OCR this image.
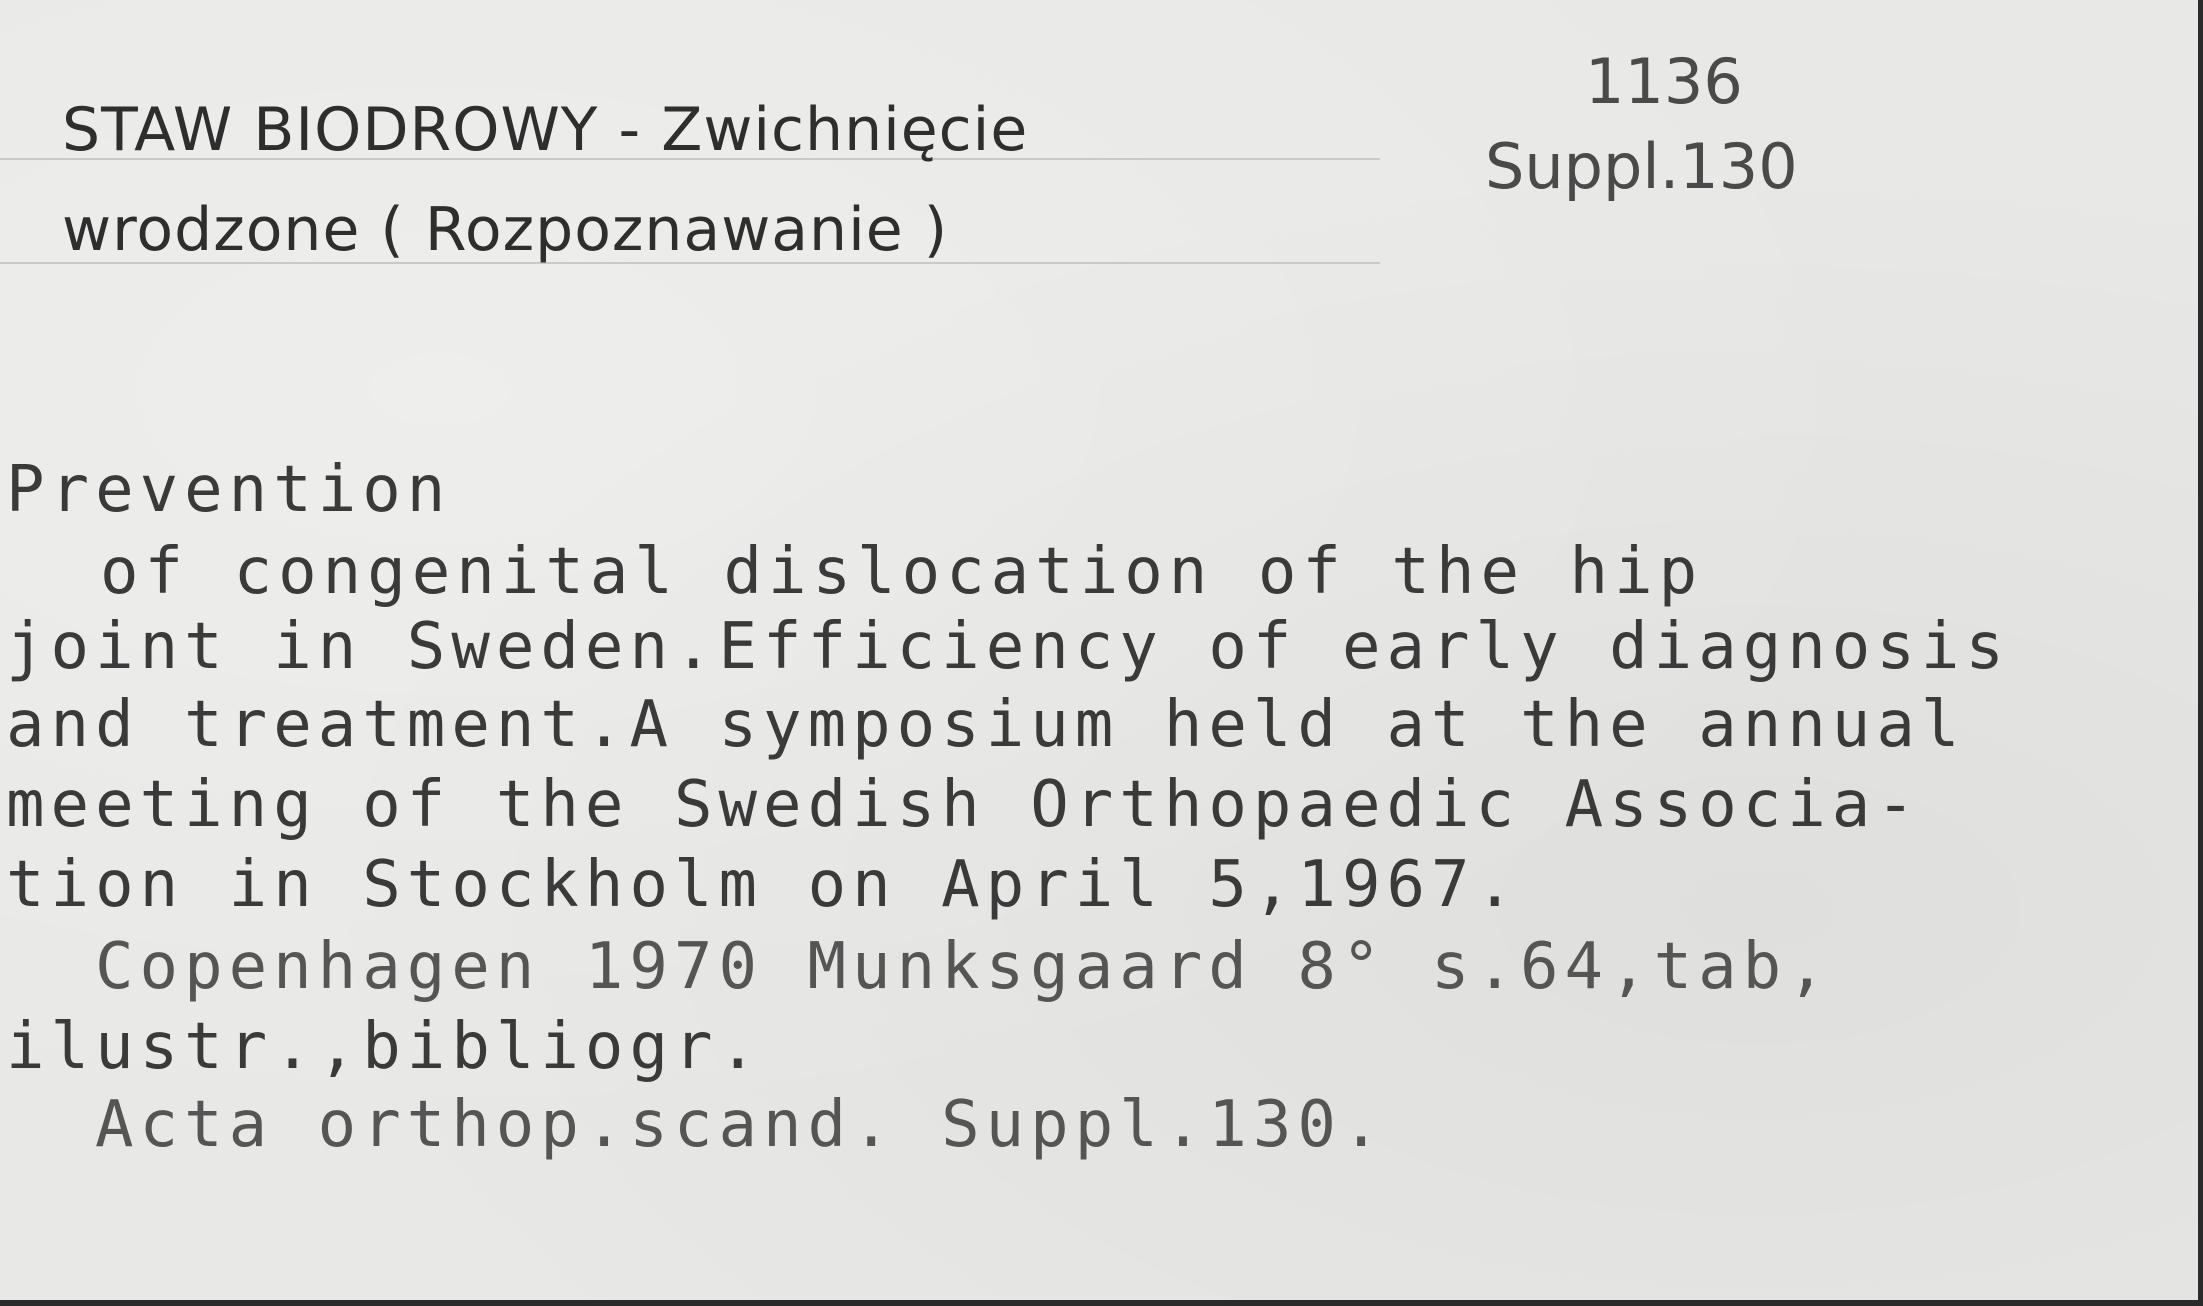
STAW BIODROWY - Zwichnięcie
wrodzone ( Rozpoznawanie )
1136
Suppl.130
Prevention
of congenital dislocation of the hip
joint in Sweden.Efficiency of early diagnosis
and treatment.A symposium held at the annual
meeting of the Swedish Orthopaedic Associa-
tion in Stockholm on April 5,1967.
Copenhagen 1970 Munksgaard 8° s.64,tab,
ilustr.,bibliogr.
Acta orthop.scand. Suppl.130.
